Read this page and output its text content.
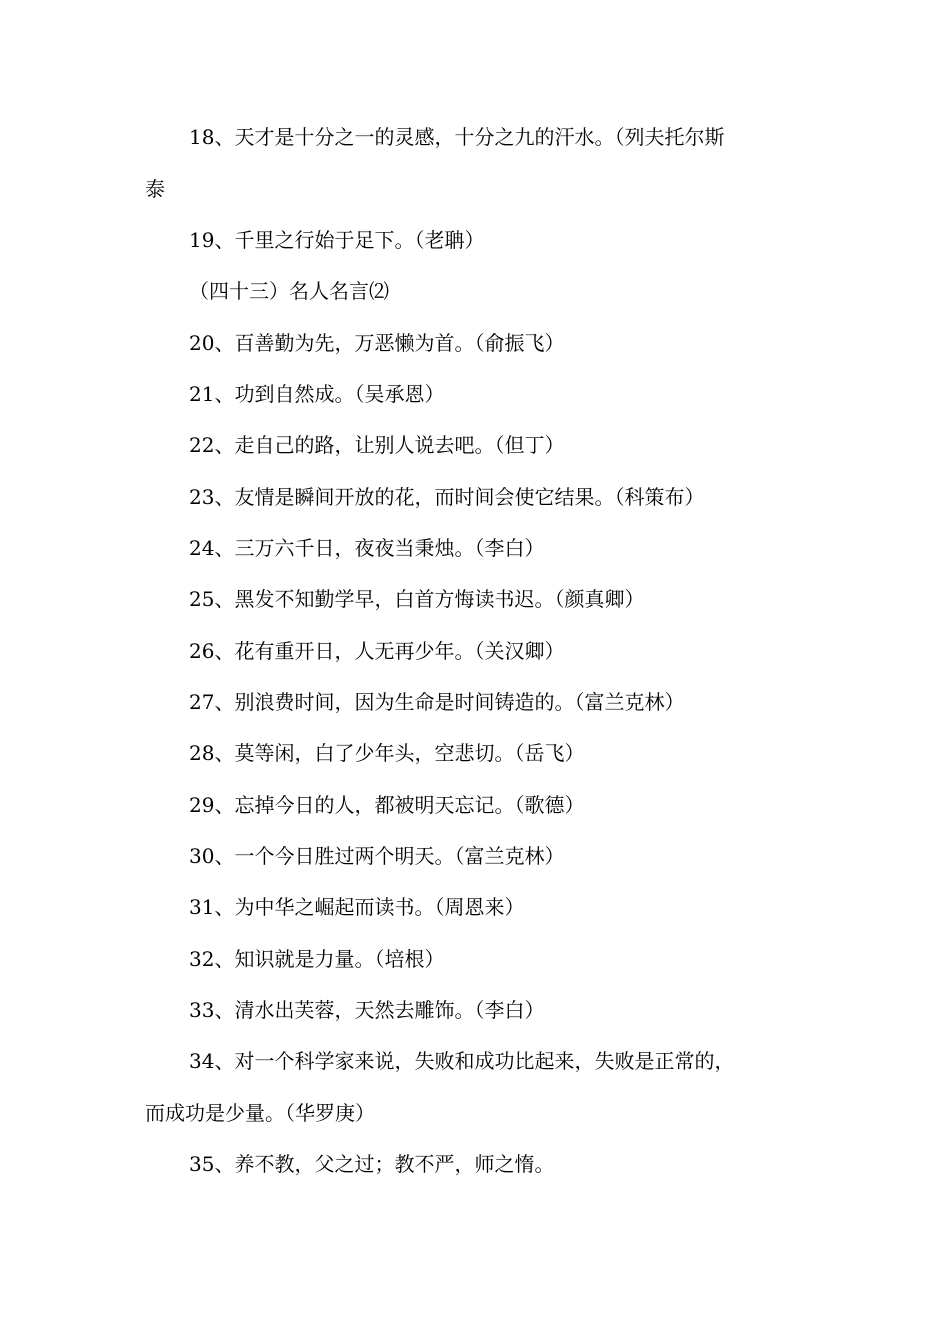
18、天才是十分之一的灵感，十分之九的汗水。（列夫托尔斯
泰
19、千里之行始于足下。（老聃）
（四十三）名人名言⑵
20、百善勤为先，万恶懒为首。（俞振飞）
21、功到自然成。（吴承恩）
22、走自己的路，让别人说去吧。（但丁）
23、友情是瞬间开放的花，而时间会使它结果。（科策布）
24、三万六千日，夜夜当秉烛。（李白）
25、黑发不知勤学早，白首方悔读书迟。（颜真卿）
26、花有重开日，人无再少年。（关汉卿）
27、别浪费时间，因为生命是时间铸造的。（富兰克林）
28、莫等闲，白了少年头，空悲切。（岳飞）
29、忘掉今日的人，都被明天忘记。（歌德）
30、一个今日胜过两个明天。（富兰克林）
31、为中华之崛起而读书。（周恩来）
32、知识就是力量。（培根）
33、清水出芙蓉，天然去雕饰。（李白）
34、对一个科学家来说，失败和成功比起来，失败是正常的，
而成功是少量。（华罗庚）
35、养不教，父之过；教不严，师之惰。
